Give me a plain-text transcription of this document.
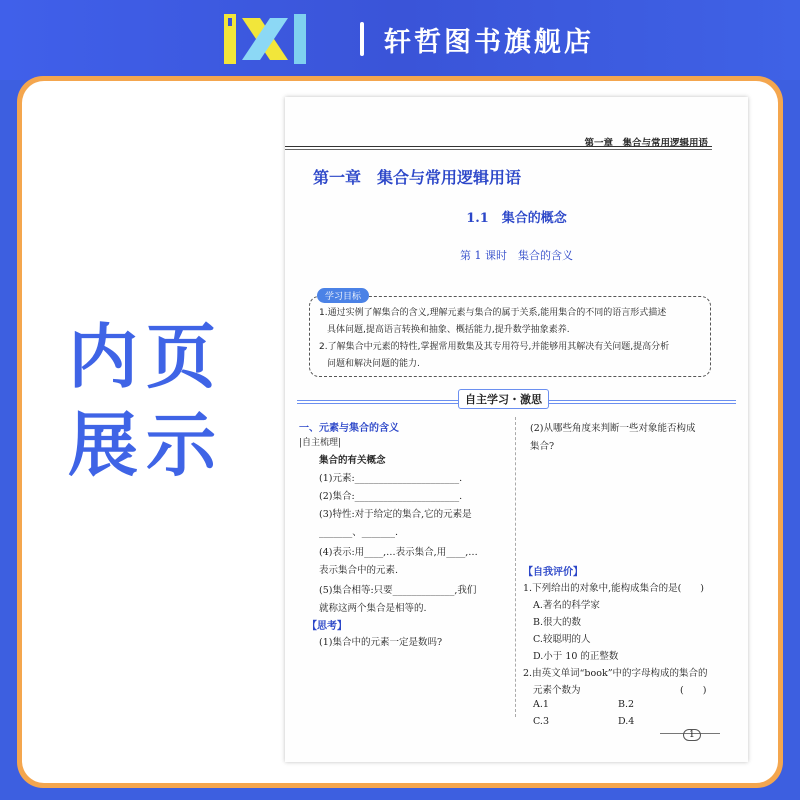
轩哲图书旗舰店
内页
展示
第一章　集合与常用逻辑用语
第一章　集合与常用逻辑用语
1.1　集合的概念
第 1 课时　集合的含义
学习目标
1.通过实例了解集合的含义,理解元素与集合的属于关系,能用集合的不同的语言形式描述
具体问题,提高语言转换和抽象、概括能力,提升数学抽象素养.
2.了解集合中元素的特性,掌握常用数集及其专用符号,并能够用其解决有关问题,提高分析
问题和解决问题的能力.
自主学习・激思
一、元素与集合的含义
|自主梳理|
集合的有关概念
(1)元素:______________________.
(2)集合:______________________.
(3)特性:对于给定的集合,它的元素是
_______、_______.
(4)表示:用____,…表示集合,用____,…
表示集合中的元素.
(5)集合相等:只要_____________,我们
就称这两个集合是相等的.
【思考】
(1)集合中的元素一定是数吗?
(2)从哪些角度来判断一些对象能否构成
集合?
【自我评价】
1.下列给出的对象中,能构成集合的是(　　)
A.著名的科学家
B.很大的数
C.较聪明的人
D.小于 10 的正整数
2.由英文单词“book”中的字母构成的集合的
元素个数为	(　　)
A.1	B.2
C.3	D.4
1
